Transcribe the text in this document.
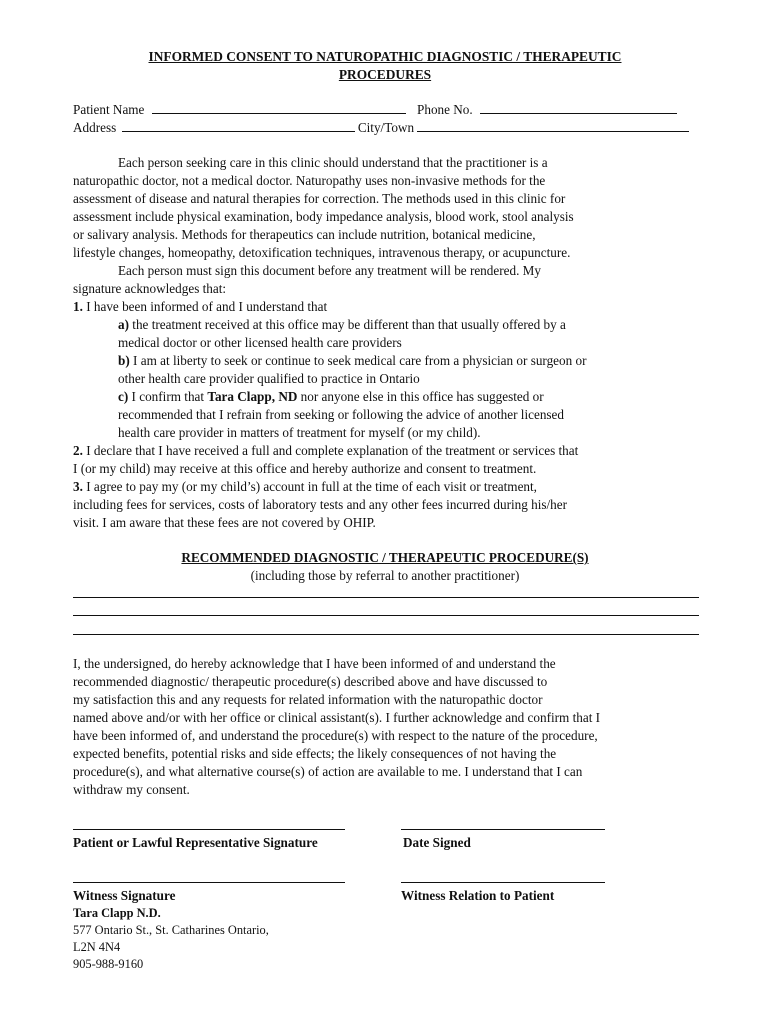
INFORMED CONSENT TO NATUROPATHIC DIAGNOSTIC / THERAPEUTIC
PROCEDURES
Patient Name	Phone No.
Address	City/Town
Each person seeking care in this clinic should understand that the practitioner is a
naturopathic doctor, not a medical doctor. Naturopathy uses non-invasive methods for the
assessment of disease and natural therapies for correction. The methods used in this clinic for
assessment include physical examination, body impedance analysis, blood work, stool analysis
or salivary analysis. Methods for therapeutics can include nutrition, botanical medicine,
lifestyle changes, homeopathy, detoxification techniques, intravenous therapy, or acupuncture.
Each person must sign this document before any treatment will be rendered. My
signature acknowledges that:
1. I have been informed of and I understand that
a) the treatment received at this office may be different than that usually offered by a
medical doctor or other licensed health care providers
b) I am at liberty to seek or continue to seek medical care from a physician or surgeon or
other health care provider qualified to practice in Ontario
c) I confirm that Tara Clapp, ND nor anyone else in this office has suggested or
recommended that I refrain from seeking or following the advice of another licensed
health care provider in matters of treatment for myself (or my child).
2. I declare that I have received a full and complete explanation of the treatment or services that
I (or my child) may receive at this office and hereby authorize and consent to treatment.
3. I agree to pay my (or my child’s) account in full at the time of each visit or treatment,
including fees for services, costs of laboratory tests and any other fees incurred during his/her
visit. I am aware that these fees are not covered by OHIP.
RECOMMENDED DIAGNOSTIC / THERAPEUTIC PROCEDURE(S)
(including those by referral to another practitioner)
I, the undersigned, do hereby acknowledge that I have been informed of and understand the
recommended diagnostic/ therapeutic procedure(s) described above and have discussed to
my satisfaction this and any requests for related information with the naturopathic doctor
named above and/or with her office or clinical assistant(s). I further acknowledge and confirm that I
have been informed of, and understand the procedure(s) with respect to the nature of the procedure,
expected benefits, potential risks and side effects; the likely consequences of not having the
procedure(s), and what alternative course(s) of action are available to me. I understand that I can
withdraw my consent.
Patient or Lawful Representative Signature	Date Signed
Witness Signature	Witness Relation to Patient
Tara Clapp N.D.
577 Ontario St., St. Catharines Ontario,
L2N 4N4
905-988-9160
